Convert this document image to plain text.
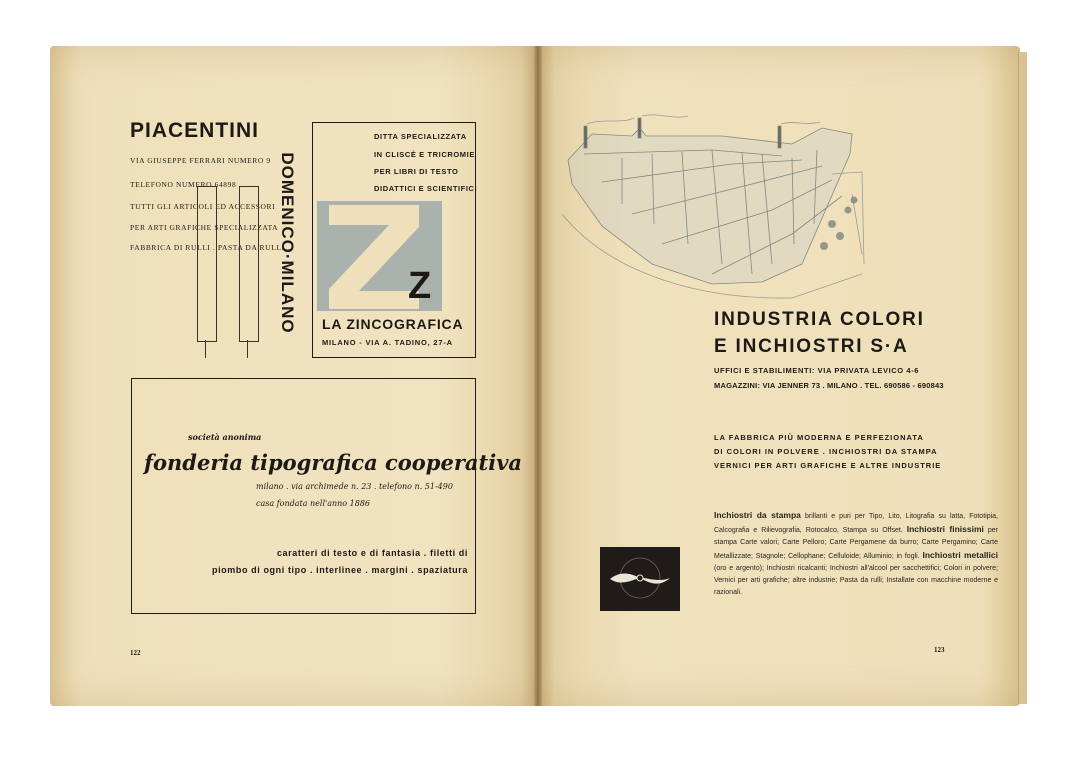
PIACENTINI
VIA GIUSEPPE FERRARI NUMERO 9
TELEFONO NUMERO 64898
TUTTI GLI ARTICOLI ED ACCESSORI
PER ARTI GRAFICHE SPECIALIZZATA
FABBRICA DI RULLI . PASTA DA RULLI
DOMENICO·MILANO
DITTA SPECIALIZZATA
IN CLISCÈ E TRICROMIE
PER LIBRI DI TESTO
DIDATTICI E SCIENTIFICI
Z
LA ZINCOGRAFICA
MILANO - VIA A. TADINO, 27-A
società anonima
fonderia tipografica cooperativa
milano . via archimede n. 23 . telefono n. 51-490
casa fondata nell'anno 1886
caratteri di testo e di fantasia . filetti di
piombo di ogni tipo . interlinee . margini . spaziatura
122
INDUSTRIA COLORI
E INCHIOSTRI S·A
UFFICI E STABILIMENTI: VIA PRIVATA LEVICO 4-6
MAGAZZINI: VIA JENNER 73 . MILANO . TEL. 690586 - 690843
LA FABBRICA PIÙ MODERNA E PERFEZIONATA
DI COLORI IN POLVERE . INCHIOSTRI DA STAMPA
VERNICI PER ARTI GRAFICHE E ALTRE INDUSTRIE
Inchiostri da stampa brillanti e puri per Tipo, Lito, Litografia su latta, Fototipia, Calcografia e Rilievografia, Rotocalco, Stampa su Offset. Inchiostri finissimi per stampa Carte valori; Carte Pelloro; Carte Pergamene da burro; Carte Pergamino; Carte Metallizzate; Stagnole; Cellophane; Celluloide; Alluminio; in fogli. Inchiostri metallici (oro e argento); Inchiostri ricalcanti; Inchiostri all'alcool per sacchettifici; Colori in polvere; Vernici per arti grafiche; altre industrie; Pasta da rulli; Installate con macchine moderne e razionali.
123
